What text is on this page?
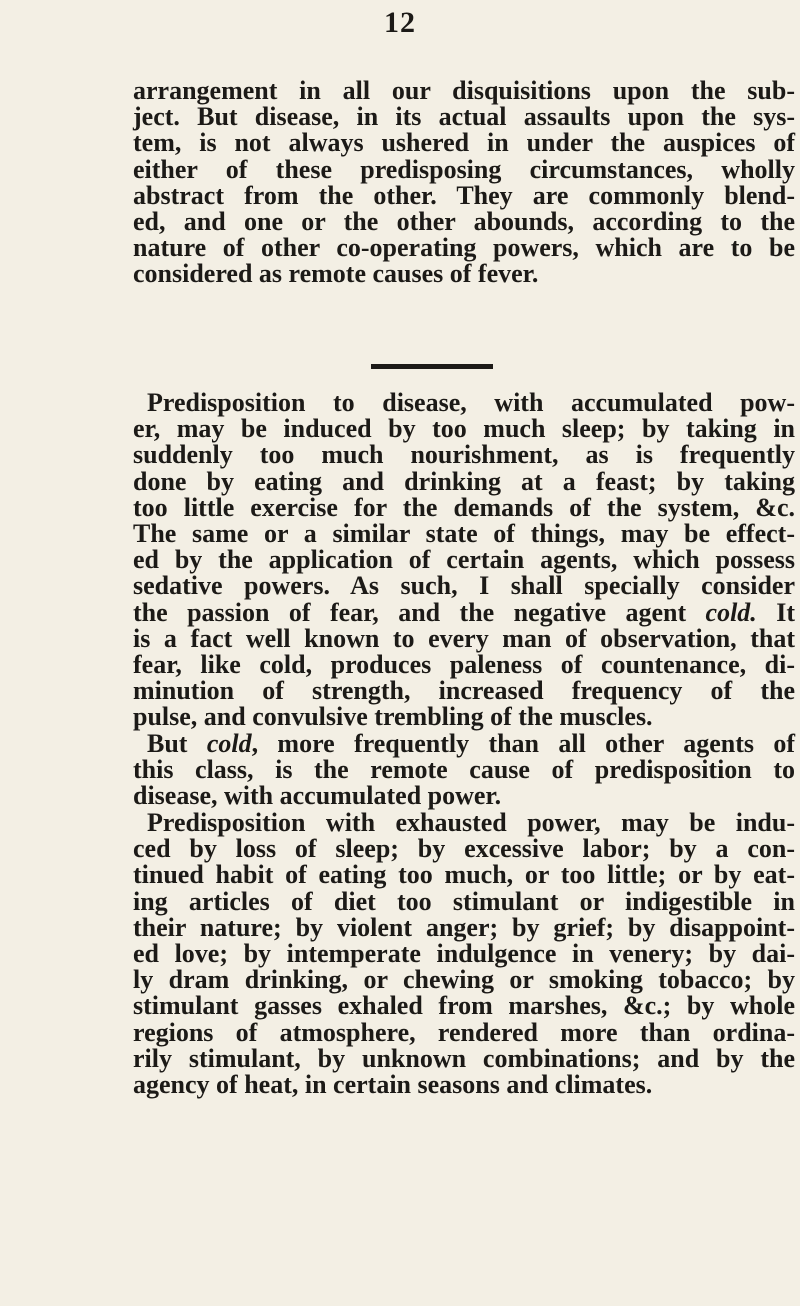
12
arrangement in all our disquisitions upon the sub-
ject. But disease, in its actual assaults upon the sys-
tem, is not always ushered in under the auspices of
either of these predisposing circumstances, wholly
abstract from the other. They are commonly blend-
ed, and one or the other abounds, according to the
nature of other co-operating powers, which are to be
considered as remote causes of fever.
Predisposition to disease, with accumulated pow-
er, may be induced by too much sleep; by taking in
suddenly too much nourishment, as is frequently
done by eating and drinking at a feast; by taking
too little exercise for the demands of the system, &c.
The same or a similar state of things, may be effect-
ed by the application of certain agents, which possess
sedative powers. As such, I shall specially consider
the passion of fear, and the negative agent cold. It
is a fact well known to every man of observation, that
fear, like cold, produces paleness of countenance, di-
minution of strength, increased frequency of the
pulse, and convulsive trembling of the muscles.
But cold, more frequently than all other agents of
this class, is the remote cause of predisposition to
disease, with accumulated power.
Predisposition with exhausted power, may be indu-
ced by loss of sleep; by excessive labor; by a con-
tinued habit of eating too much, or too little; or by eat-
ing articles of diet too stimulant or indigestible in
their nature; by violent anger; by grief; by disappoint-
ed love; by intemperate indulgence in venery; by dai-
ly dram drinking, or chewing or smoking tobacco; by
stimulant gasses exhaled from marshes, &c.; by whole
regions of atmosphere, rendered more than ordina-
rily stimulant, by unknown combinations; and by the
agency of heat, in certain seasons and climates.
